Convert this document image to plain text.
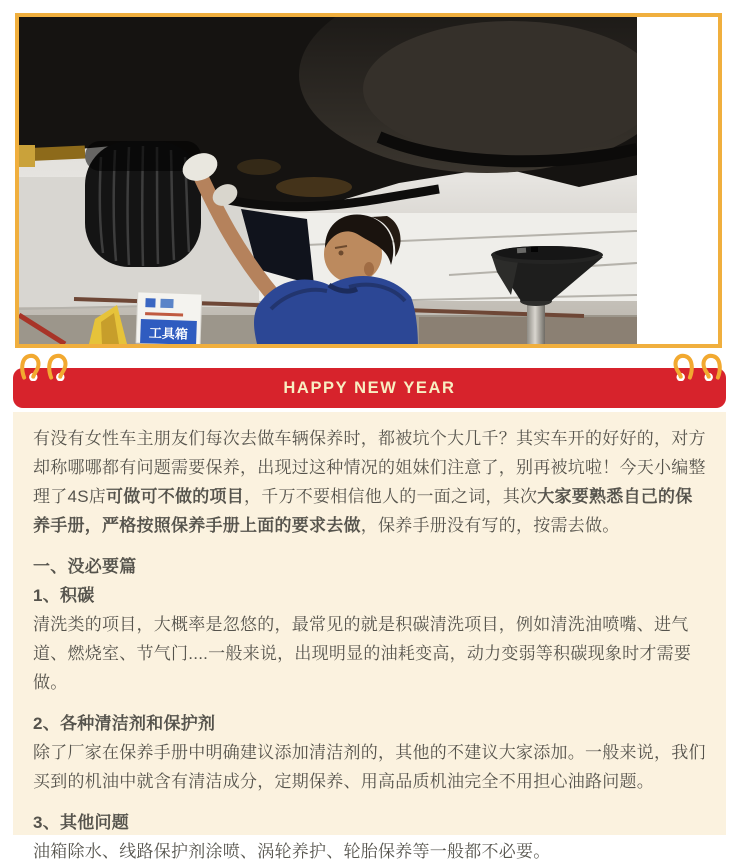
工具箱
HAPPY NEW YEAR

有没有女性车主朋友们每次去做车辆保养时，都被坑个大几千？其实车开的好好的，对方却称哪哪都有问题需要保养，出现过这种情况的姐妹们注意了，别再被坑啦！今天小编整理了4S店可做可不做的项目，千万不要相信他人的一面之词，其次大家要熟悉自己的保养手册，严格按照保养手册上面的要求去做，保养手册没有写的，按需去做。

一、没必要篇
1、积碳

清洗类的项目，大概率是忽悠的，最常见的就是积碳清洗项目，例如清洗油喷嘴、进气道、燃烧室、节气门....一般来说，出现明显的油耗变高，动力变弱等积碳现象时才需要做。

2、各种清洁剂和保护剂

除了厂家在保养手册中明确建议添加清洁剂的，其他的不建议大家添加。一般来说，我们买到的机油中就含有清洁成分，定期保养、用高品质机油完全不用担心油路问题。

3、其他问题

油箱除水、线路保护剂涂喷、涡轮养护、轮胎保养等一般都不必要。
